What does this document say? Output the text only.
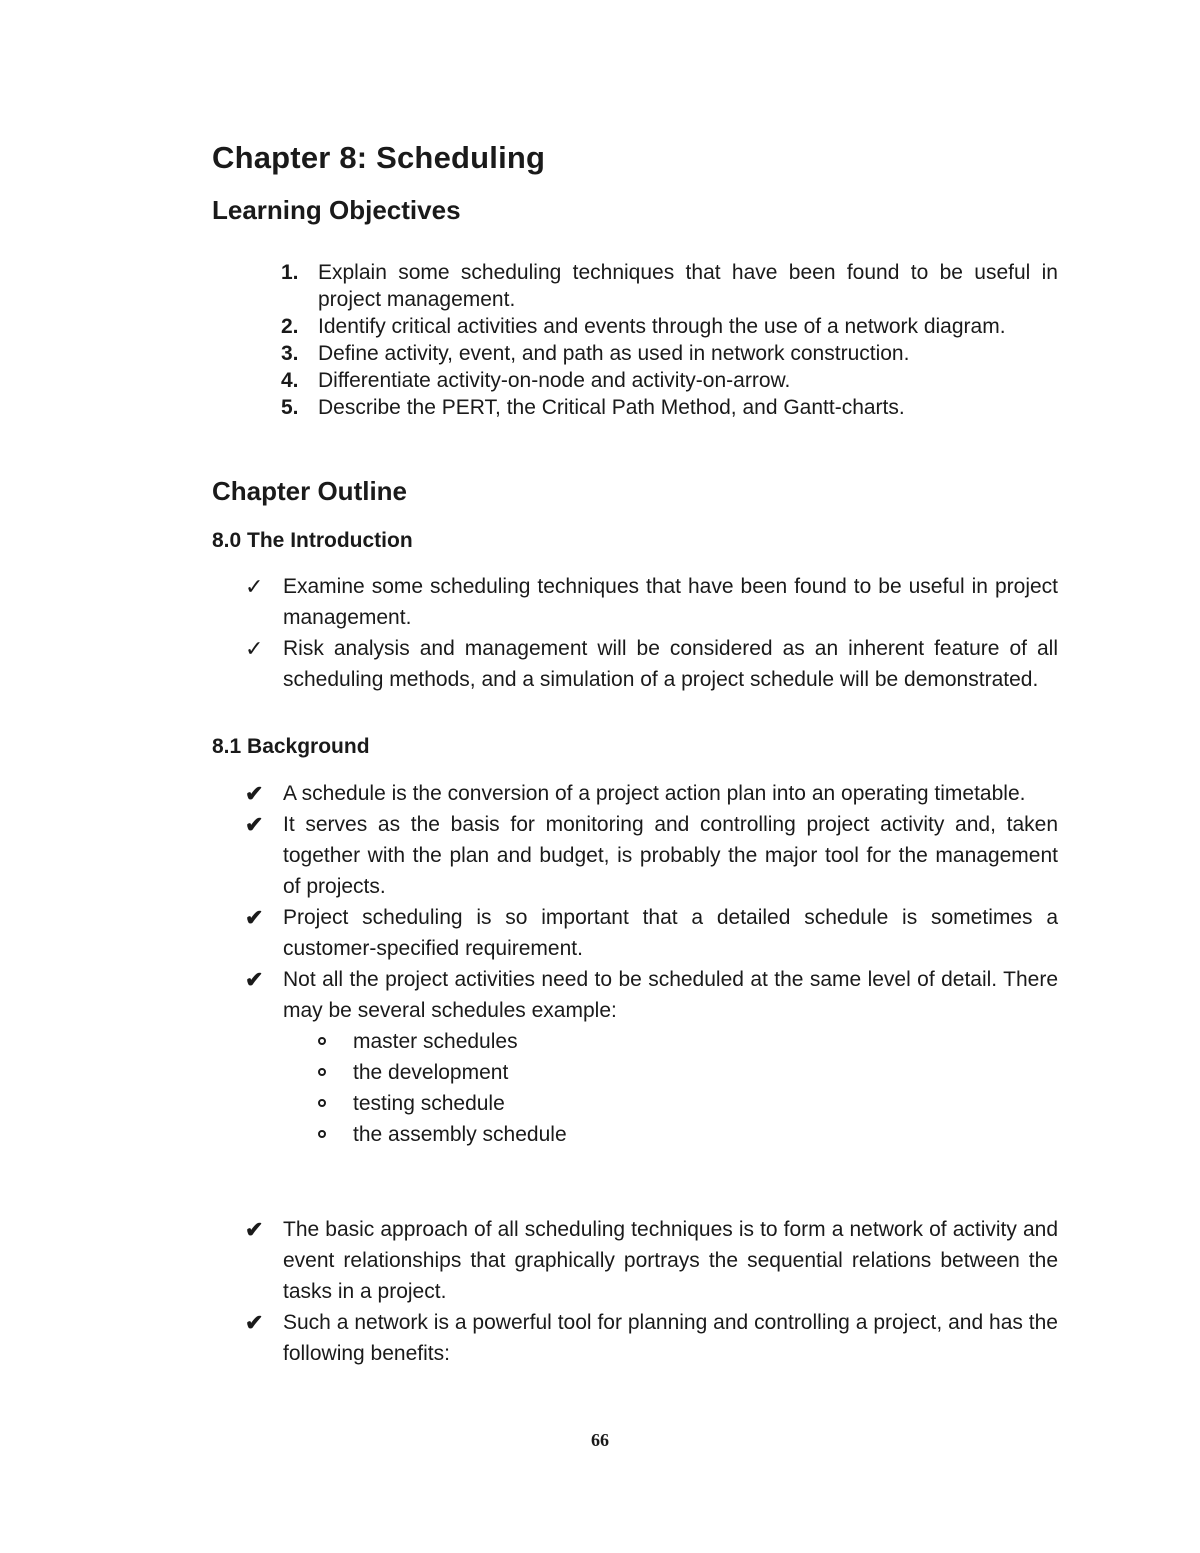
Chapter 8: Scheduling
Learning Objectives
1. Explain some scheduling techniques that have been found to be useful in project management.
2. Identify critical activities and events through the use of a network diagram.
3. Define activity, event, and path as used in network construction.
4. Differentiate activity-on-node and activity-on-arrow.
5. Describe the PERT, the Critical Path Method, and Gantt-charts.
Chapter Outline
8.0 The Introduction
✓ Examine some scheduling techniques that have been found to be useful in project management.
✓ Risk analysis and management will be considered as an inherent feature of all scheduling methods, and a simulation of a project schedule will be demonstrated.
8.1 Background
✔ A schedule is the conversion of a project action plan into an operating timetable.
✔ It serves as the basis for monitoring and controlling project activity and, taken together with the plan and budget, is probably the major tool for the management of projects.
✔ Project scheduling is so important that a detailed schedule is sometimes a customer-specified requirement.
✔ Not all the project activities need to be scheduled at the same level of detail. There may be several schedules example:
master schedules
the development
testing schedule
the assembly schedule
✔ The basic approach of all scheduling techniques is to form a network of activity and event relationships that graphically portrays the sequential relations between the tasks in a project.
✔ Such a network is a powerful tool for planning and controlling a project, and has the following benefits:
66
